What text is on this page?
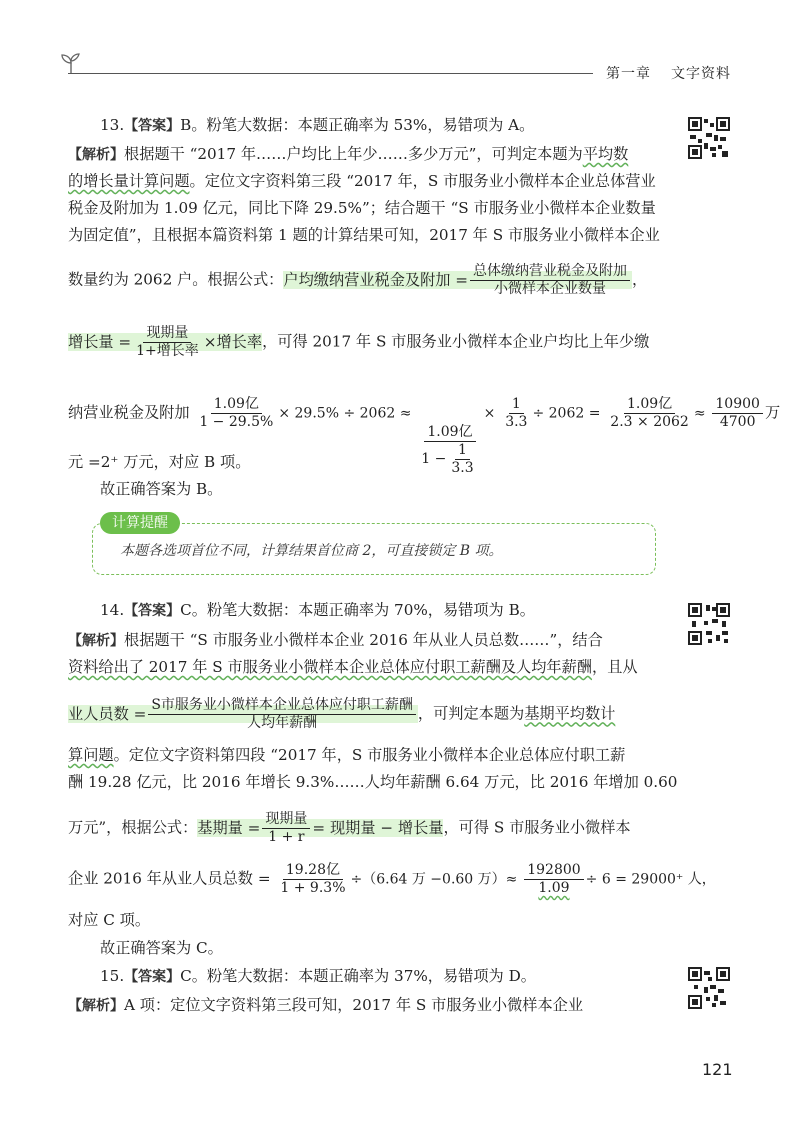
第一章 文字资料
13.【答案】B。粉笔大数据：本题正确率为 53%，易错项为 A。
【解析】根据题干 “2017 年……户均比上年少……多少万元”，可判定本题为平均数
的增长量计算问题。定位文字资料第三段 “2017 年，S 市服务业小微样本企业总体营业
税金及附加为 1.09 亿元，同比下降 29.5%”；结合题干 “S 市服务业小微样本企业数量
为固定值”，且根据本篇资料第 1 题的计算结果可知，2017 年 S 市服务业小微样本企业
数量约为 2062 户。根据公式：户均缴纳营业税金及附加 = $\frac{\text{总体缴纳营业税金及附加}}{\text{小微样本企业数量}}$ ，
增长量 = $\frac{\text{现期量}}{\text{1+增长率}}$ ×增长率，可得 2017 年 S 市服务业小微样本企业户均比上年少缴
纳营业税金及附加 $\frac{\text{1.09亿}}{1 - 29.5\%} \times 29.5\% \div 2062$ ≈
$\frac{\text{1.09亿}}{1 - \frac{1}{3.3}}$
× $\frac{1}{3.3} \div 2062 = \frac{\text{1.09亿}}{2.3 \times 2062} \approx \frac{10900}{4700}$ 万
元 =2⁺ 万元，对应 B 项。
故正确答案为 B。
计算提醒
本题各选项首位不同，计算结果首位商 2，可直接锁定 B 项。
14.【答案】C。粉笔大数据：本题正确率为 70%，易错项为 B。
【解析】根据题干 “S 市服务业小微样本企业 2016 年从业人员总数……”，结合
资料给出了 2017 年 S 市服务业小微样本企业总体应付职工薪酬及人均年薪酬，且从
业人员数 = $\frac{\text{S市服务业小微样本企业总体应付职工薪酬}}{\text{人均年薪酬}}$ ，可判定本题为基期平均数计
算问题。定位文字资料第四段 “2017 年，S 市服务业小微样本企业总体应付职工薪
酬 19.28 亿元，比 2016 年增长 9.3%……人均年薪酬 6.64 万元，比 2016 年增加 0.60
万元”，根据公式：基期量 = $\frac{\text{现期量}}{1 + r}$ = 现期量 − 增长量，可得 S 市服务业小微样本
企业 2016 年从业人员总数 = $\frac{\text{19.28亿}}{1 + 9.3\%} \div(6.64$ 万 −0.60 万）≈ $\frac{192800}{1.09} \div 6 = 29000^+$ 人，
对应 C 项。
故正确答案为 C。
15.【答案】C。粉笔大数据：本题正确率为 37%，易错项为 D。
【解析】A 项：定位文字资料第三段可知，2017 年 S 市服务业小微样本企业
121
